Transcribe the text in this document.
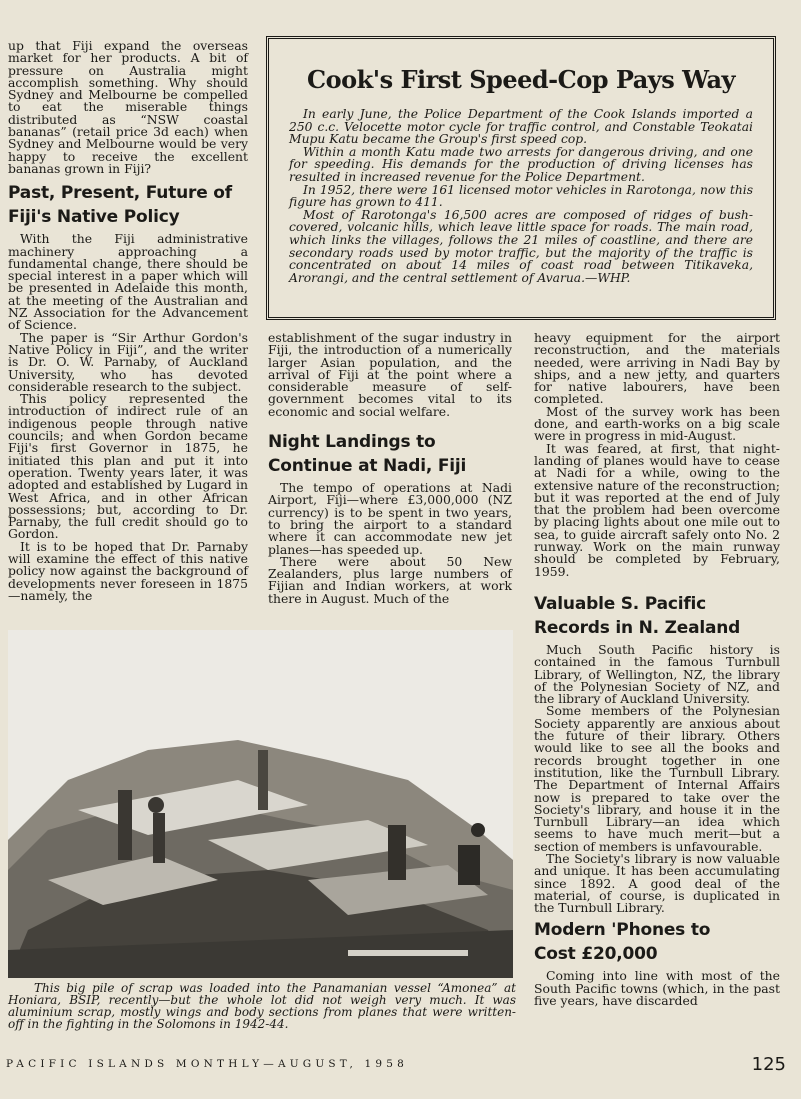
up that Fiji expand the overseas market for her products. A bit of pressure on Australia might accomplish something. Why should Sydney and Melbourne be compelled to eat the miserable things distributed as “NSW coastal bananas” (retail price 3d each) when Sydney and Melbourne would be very happy to receive the excellent bananas grown in Fiji?

Past, Present, Future of
Fiji's Native Policy

With the Fiji administrative machinery approaching a fundamental change, there should be special interest in a paper which will be presented in Adelaide this month, at the meeting of the Australian and NZ Association for the Advancement of Science.

The paper is “Sir Arthur Gordon's Native Policy in Fiji”, and the writer is Dr. O. W. Parnaby, of Auckland University, who has devoted considerable research to the subject.

This policy represented the introduction of indirect rule of an indigenous people through native councils; and when Gordon became Fiji's first Governor in 1875, he initiated this plan and put it into operation. Twenty years later, it was adopted and established by Lugard in West Africa, and in other African possessions; but, according to Dr. Parnaby, the full credit should go to Gordon.

It is to be hoped that Dr. Parnaby will examine the effect of this native policy now against the background of developments never foreseen in 1875—namely, the

Cook's First Speed-Cop Pays Way

In early June, the Police Department of the Cook Islands imported a 250 c.c. Velocette motor cycle for traffic control, and Constable Teokatai Mupu Katu became the Group's first speed cop.

Within a month Katu made two arrests for dangerous driving, and one for speeding. His demands for the production of driving licenses has resulted in increased revenue for the Police Department.

In 1952, there were 161 licensed motor vehicles in Rarotonga, now this figure has grown to 411.

Most of Rarotonga's 16,500 acres are composed of ridges of bush-covered, volcanic hills, which leave little space for roads. The main road, which links the villages, follows the 21 miles of coastline, and there are secondary roads used by motor traffic, but the majority of the traffic is concentrated on about 14 miles of coast road between Titikaveka, Arorangi, and the central settlement of Avarua.—WHP.

establishment of the sugar industry in Fiji, the introduction of a numerically larger Asian population, and the arrival of Fiji at the point where a considerable measure of self-government becomes vital to its economic and social welfare.

Night Landings to
Continue at Nadi, Fiji

The tempo of operations at Nadi Airport, Fiji—where £3,000,000 (NZ currency) is to be spent in two years, to bring the airport to a standard where it can accommodate new jet planes—has speeded up.

There were about 50 New Zealanders, plus large numbers of Fijian and Indian workers, at work there in August. Much of the

heavy equipment for the airport reconstruction, and the materials needed, were arriving in Nadi Bay by ships, and a new jetty, and quarters for native labourers, have been completed.

Most of the survey work has been done, and earth-works on a big scale were in progress in mid-August.

It was feared, at first, that night-landing of planes would have to cease at Nadi for a while, owing to the extensive nature of the reconstruction; but it was reported at the end of July that the problem had been overcome by placing lights about one mile out to sea, to guide aircraft safely onto No. 2 runway. Work on the main runway should be completed by February, 1959.

Valuable S. Pacific
Records in N. Zealand

Much South Pacific history is contained in the famous Turnbull Library, of Wellington, NZ, the library of the Polynesian Society of NZ, and the library of Auckland University.

Some members of the Polynesian Society apparently are anxious about the future of their library. Others would like to see all the books and records brought together in one institution, like the Turnbull Library. The Department of Internal Affairs now is prepared to take over the Society's library, and house it in the Turnbull Library—an idea which seems to have much merit—but a section of members is unfavourable.

The Society's library is now valuable and unique. It has been accumulating since 1892. A good deal of the material, of course, is duplicated in the Turnbull Library.

Modern 'Phones to
Cost £20,000

Coming into line with most of the South Pacific towns (which, in the past five years, have discarded

This big pile of scrap was loaded into the Panamanian vessel “Amonea” at Honiara, BSIP, recently—but the whole lot did not weigh very much. It was aluminium scrap, mostly wings and body sections from planes that were written-off in the fighting in the Solomons in 1942-44.

PACIFIC ISLANDS MONTHLY—AUGUST, 1958	125
